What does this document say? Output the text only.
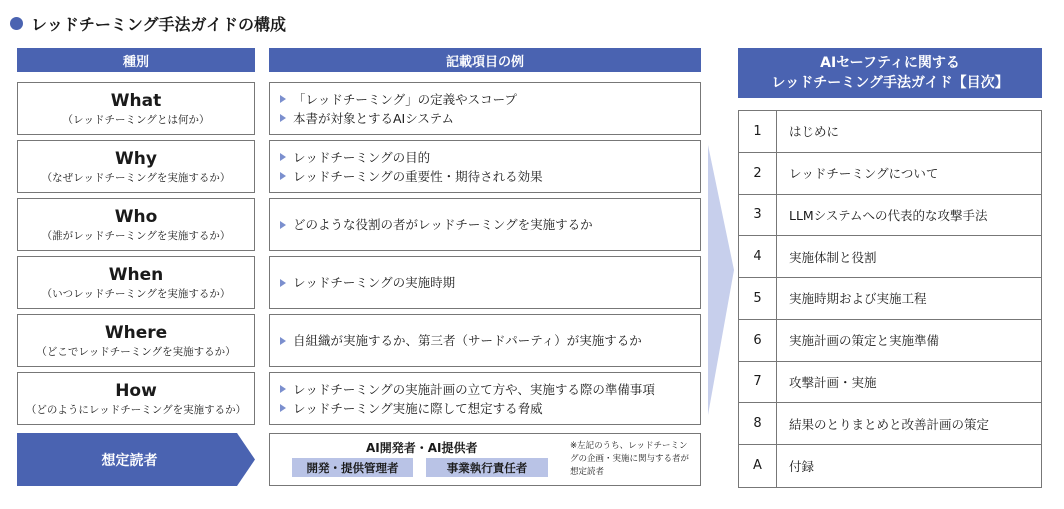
レッドチーミング手法ガイドの構成
種別	記載項目の例	AIセーフティに関する
レッドチーミング手法ガイド【目次】
What
（レッドチーミングとは何か）
「レッドチーミング」の定義やスコープ
本書が対象とするAIシステム
Why
（なぜレッドチーミングを実施するか）
レッドチーミングの目的
レッドチーミングの重要性・期待される効果
Who
（誰がレッドチーミングを実施するか）
どのような役割の者がレッドチーミングを実施するか
When
（いつレッドチーミングを実施するか）
レッドチーミングの実施時期
Where
（どこでレッドチーミングを実施するか）
自組織が実施するか、第三者（サードパーティ）が実施するか
How
（どのようにレッドチーミングを実施するか）
レッドチーミングの実施計画の立て方や、実施する際の準備事項
レッドチーミング実施に際して想定する脅威
想定読者
AI開発者・AI提供者
開発・提供管理者	事業執行責任者
※左記のうち、レッドチーミングの企画・実施に関与する者が想定読者
1	はじめに
2	レッドチーミングについて
3	LLMシステムへの代表的な攻撃手法
4	実施体制と役割
5	実施時期および実施工程
6	実施計画の策定と実施準備
7	攻撃計画・実施
8	結果のとりまとめと改善計画の策定
A	付録
